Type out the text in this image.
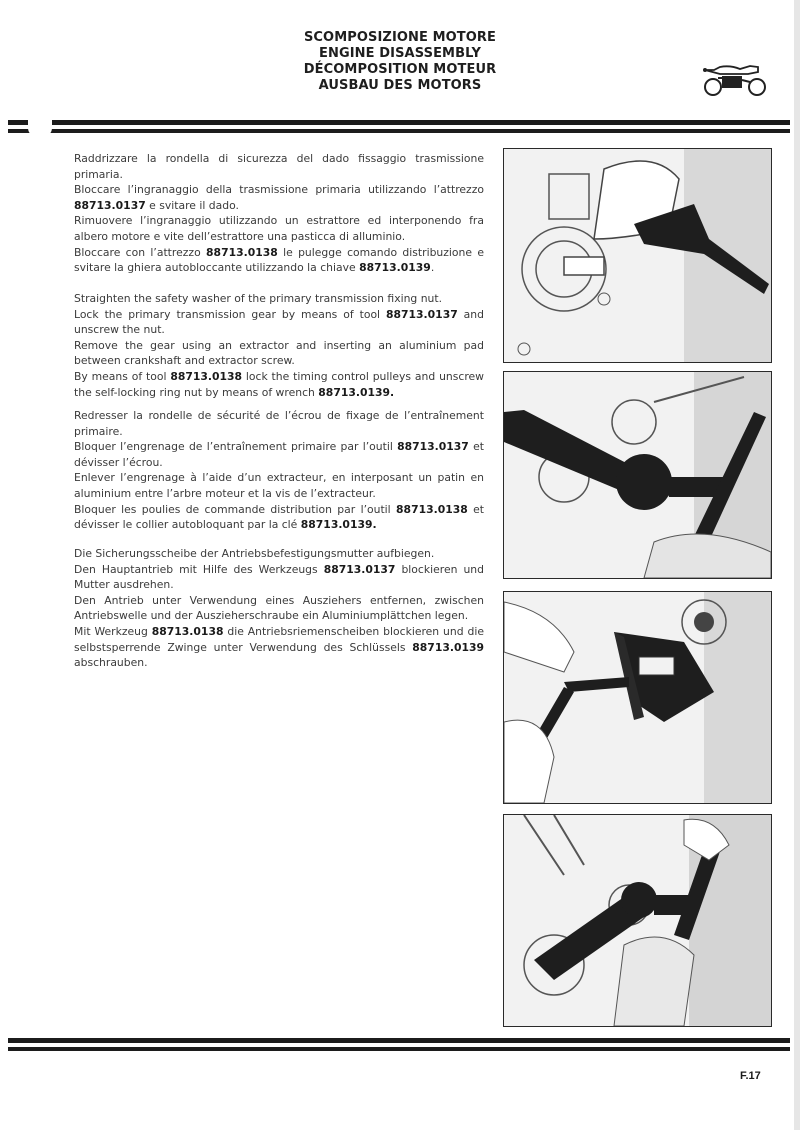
SCOMPOSIZIONE MOTORE
ENGINE DISASSEMBLY
DÉCOMPOSITION MOTEUR
AUSBAU DES MOTORS

Raddrizzare la rondella di sicurezza del dado fissaggio trasmissione primaria.

Bloccare l’ingranaggio della trasmissione primaria utilizzando l’attrezzo 88713.0137 e svitare il dado.

Rimuovere l’ingranaggio utilizzando un estrattore ed interponendo fra albero motore e vite dell’estrattore una pasticca di alluminio.

Bloccare con l’attrezzo 88713.0138 le pulegge comando distribuzione e svitare la ghiera autobloccante utilizzando la chiave 88713.0139.

Straighten the safety washer of the primary transmission fixing nut.

Lock the primary transmission gear by means of tool 88713.0137 and unscrew the nut.

Remove the gear using an extractor and inserting an aluminium pad between crankshaft and extractor screw.

By means of tool 88713.0138 lock the timing control pulleys and unscrew the self-locking ring nut by means of wrench 88713.0139.

Redresser la rondelle de sécurité de l’écrou de fixage de l’entraînement primaire.

Bloquer l’engrenage de l’entraînement primaire par l’outil 88713.0137 et dévisser l’écrou.

Enlever l’engrenage à l’aide d’un extracteur, en interposant un patin en aluminium entre l’arbre moteur et la vis de l’extracteur.

Bloquer les poulies de commande distribution par l’outil 88713.0138 et dévisser le collier autobloquant par la clé 88713.0139.

Die Sicherungsscheibe der Antriebsbefestigungsmutter aufbiegen.

Den Hauptantrieb mit Hilfe des Werkzeugs 88713.0137 blockieren und Mutter ausdrehen.

Den Antrieb unter Verwendung eines Ausziehers entfernen, zwischen Antriebswelle und der Auszieherschraube ein Aluminiumplättchen legen.

Mit Werkzeug 88713.0138 die Antriebsriemenscheiben blockieren und die selbstsperrende Zwinge unter Verwendung des Schlüssels 88713.0139 abschrauben.

F.17
